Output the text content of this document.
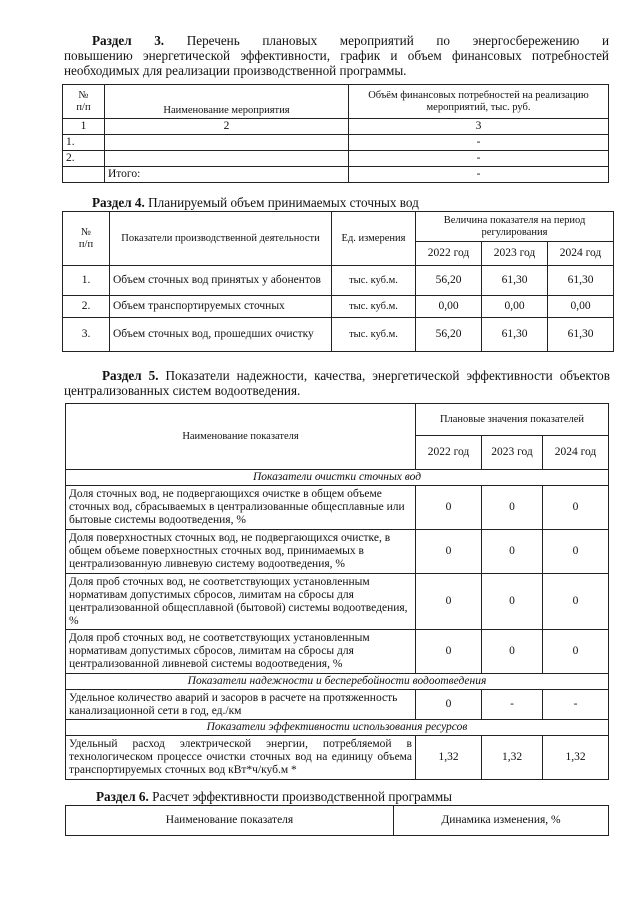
Раздел 3. Перечень плановых мероприятий по энергосбережению и
повышению энергетической эффективности, график и объем финансовых потребностей
необходимых для реализации производственной программы.
№
п/п	Наименование мероприятия	Объём финансовых потребностей на реализацию мероприятий, тыс. руб.
1	2	3
1.		-
2.		-
	Итого:	-
Раздел 4. Планируемый объем принимаемых сточных вод
№
п/п	Показатели производственной деятельности	Ед. измерения	Величина показателя на период регулирования		
			2022 год	2023 год	2024 год
1.	Объем сточных вод принятых у абонентов	тыс. куб.м.	56,20	61,30	61,30
2.	Объем транспортируемых сточных	тыс. куб.м.	0,00	0,00	0,00
3.	Объем сточных вод, прошедших очистку	тыс. куб.м.	56,20	61,30	61,30
Раздел 5. Показатели надежности, качества, энергетической эффективности объектов
централизованных систем водоотведения.
Наименование показателя	Плановые значения показателей		
	2022 год	2023 год	2024 год
Показатели очистки сточных вод			
Доля сточных вод, не подвергающихся очистке в общем объеме сточных вод, сбрасываемых в централизованные общесплавные или бытовые системы водоотведения, %	0	0	0
Доля поверхностных сточных вод, не подвергающихся очистке, в общем объеме поверхностных сточных вод, принимаемых в централизованную ливневую систему водоотведения, %	0	0	0
Доля проб сточных вод, не соответствующих установленным нормативам допустимых сбросов, лимитам на сбросы для централизованной общесплавной (бытовой) системы водоотведения, %	0	0	0
Доля проб сточных вод, не соответствующих установленным нормативам допустимых сбросов, лимитам на сбросы для централизованной ливневой системы водоотведения, %	0	0	0
Показатели надежности и бесперебойности водоотведения			
Удельное количество аварий и засоров в расчете на протяженность канализационной сети в год, ед./км	0	-	-
Показатели эффективности использования ресурсов			
Удельный расход электрической энергии, потребляемой в технологическом процессе очистки сточных вод на единицу объема транспортируемых сточных вод кВт*ч/куб.м *	1,32	1,32	1,32
Раздел 6. Расчет эффективности производственной программы
Наименование показателя	Динамика изменения, %
